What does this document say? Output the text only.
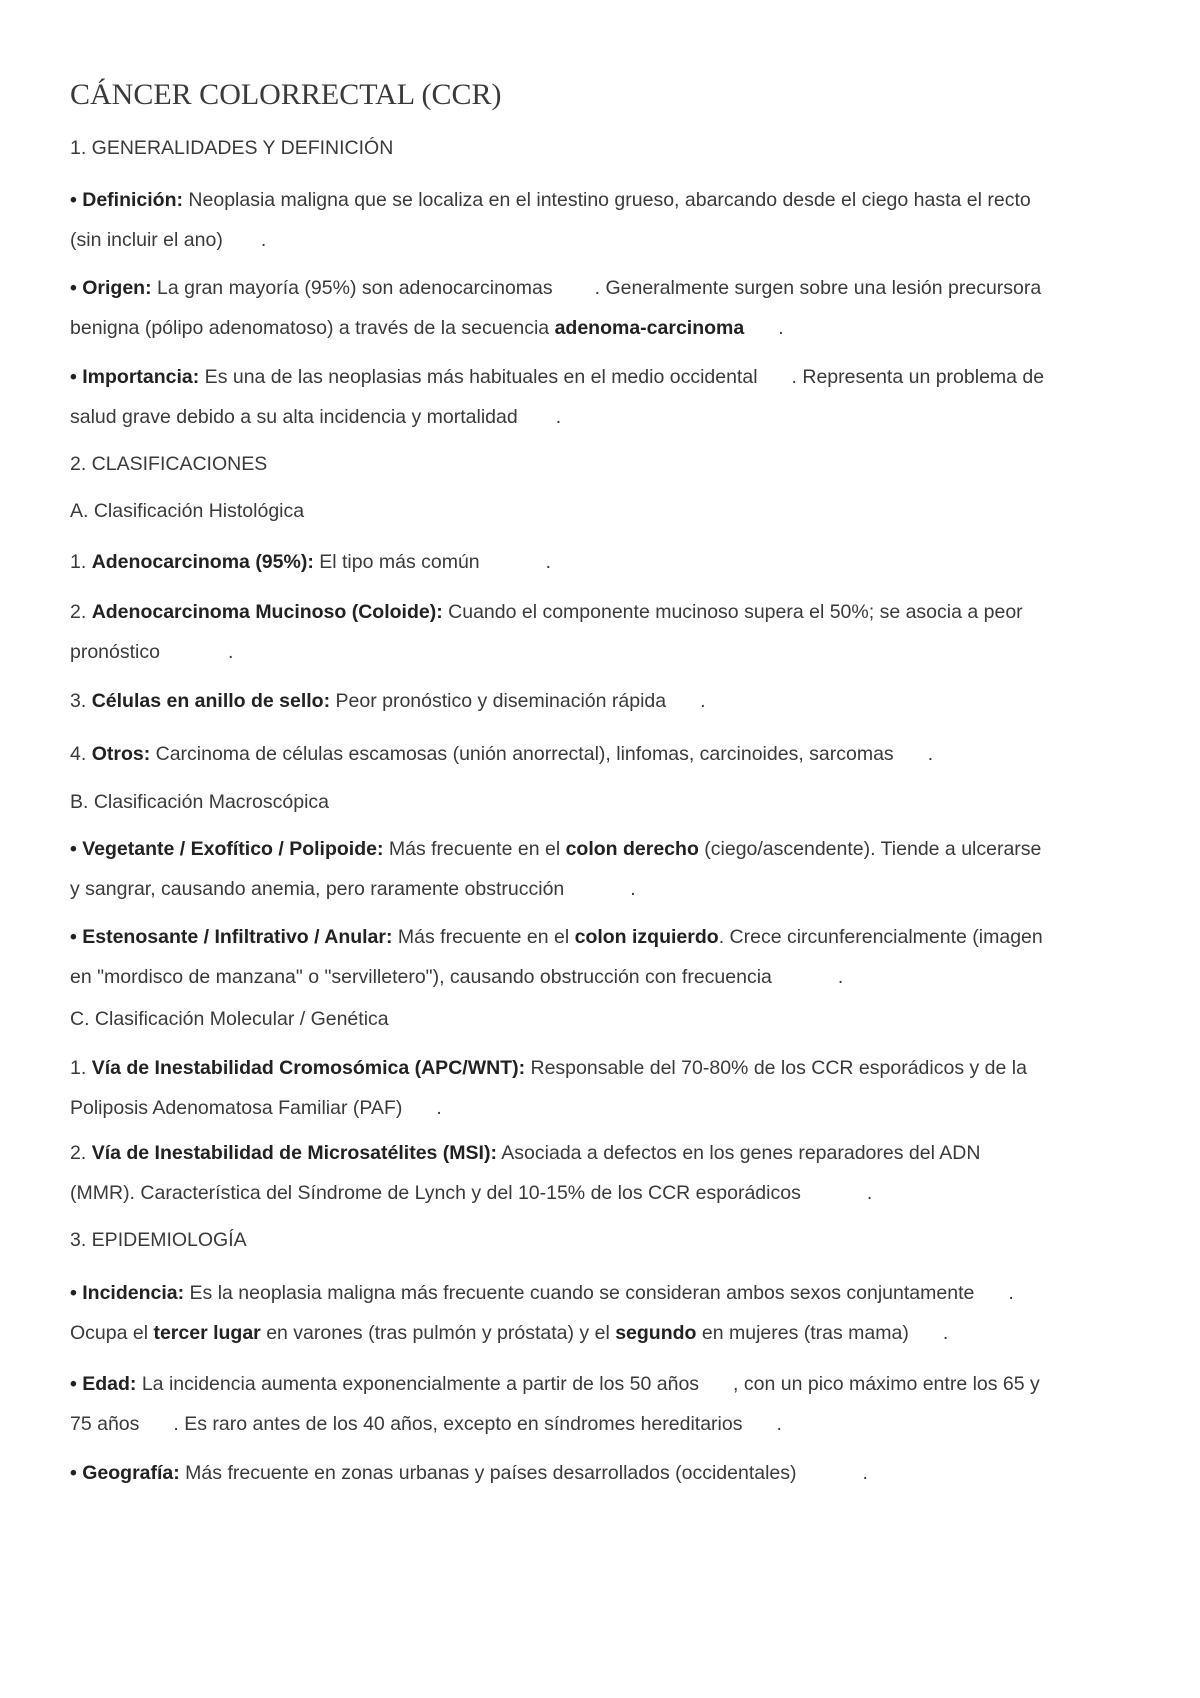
CÁNCER COLORRECTAL (CCR)
1. GENERALIDADES Y DEFINICIÓN
• Definición: Neoplasia maligna que se localiza en el intestino grueso, abarcando desde el ciego hasta el recto
(sin incluir el ano) .
• Origen: La gran mayoría (95%) son adenocarcinomas . Generalmente surgen sobre una lesión precursora
benigna (pólipo adenomatoso) a través de la secuencia adenoma-carcinoma .
• Importancia: Es una de las neoplasias más habituales en el medio occidental . Representa un problema de
salud grave debido a su alta incidencia y mortalidad .
2. CLASIFICACIONES
A. Clasificación Histológica
1. Adenocarcinoma (95%): El tipo más común	.
2. Adenocarcinoma Mucinoso (Coloide): Cuando el componente mucinoso supera el 50%; se asocia a peor
pronóstico	.
3. Células en anillo de sello: Peor pronóstico y diseminación rápida .
4. Otros: Carcinoma de células escamosas (unión anorrectal), linfomas, carcinoides, sarcomas .
B. Clasificación Macroscópica
• Vegetante / Exofítico / Polipoide: Más frecuente en el colon derecho (ciego/ascendente). Tiende a ulcerarse
y sangrar, causando anemia, pero raramente obstrucción	.
• Estenosante / Infiltrativo / Anular: Más frecuente en el colon izquierdo. Crece circunferencialmente (imagen
en "mordisco de manzana" o "servilletero"), causando obstrucción con frecuencia	.
C. Clasificación Molecular / Genética
1. Vía de Inestabilidad Cromosómica (APC/WNT): Responsable del 70-80% de los CCR esporádicos y de la
Poliposis Adenomatosa Familiar (PAF) .
2. Vía de Inestabilidad de Microsatélites (MSI): Asociada a defectos en los genes reparadores del ADN
(MMR). Característica del Síndrome de Lynch y del 10-15% de los CCR esporádicos	.
3. EPIDEMIOLOGÍA
• Incidencia: Es la neoplasia maligna más frecuente cuando se consideran ambos sexos conjuntamente .
Ocupa el tercer lugar en varones (tras pulmón y próstata) y el segundo en mujeres (tras mama) .
• Edad: La incidencia aumenta exponencialmente a partir de los 50 años , con un pico máximo entre los 65 y
75 años . Es raro antes de los 40 años, excepto en síndromes hereditarios .
• Geografía: Más frecuente en zonas urbanas y países desarrollados (occidentales)	.
